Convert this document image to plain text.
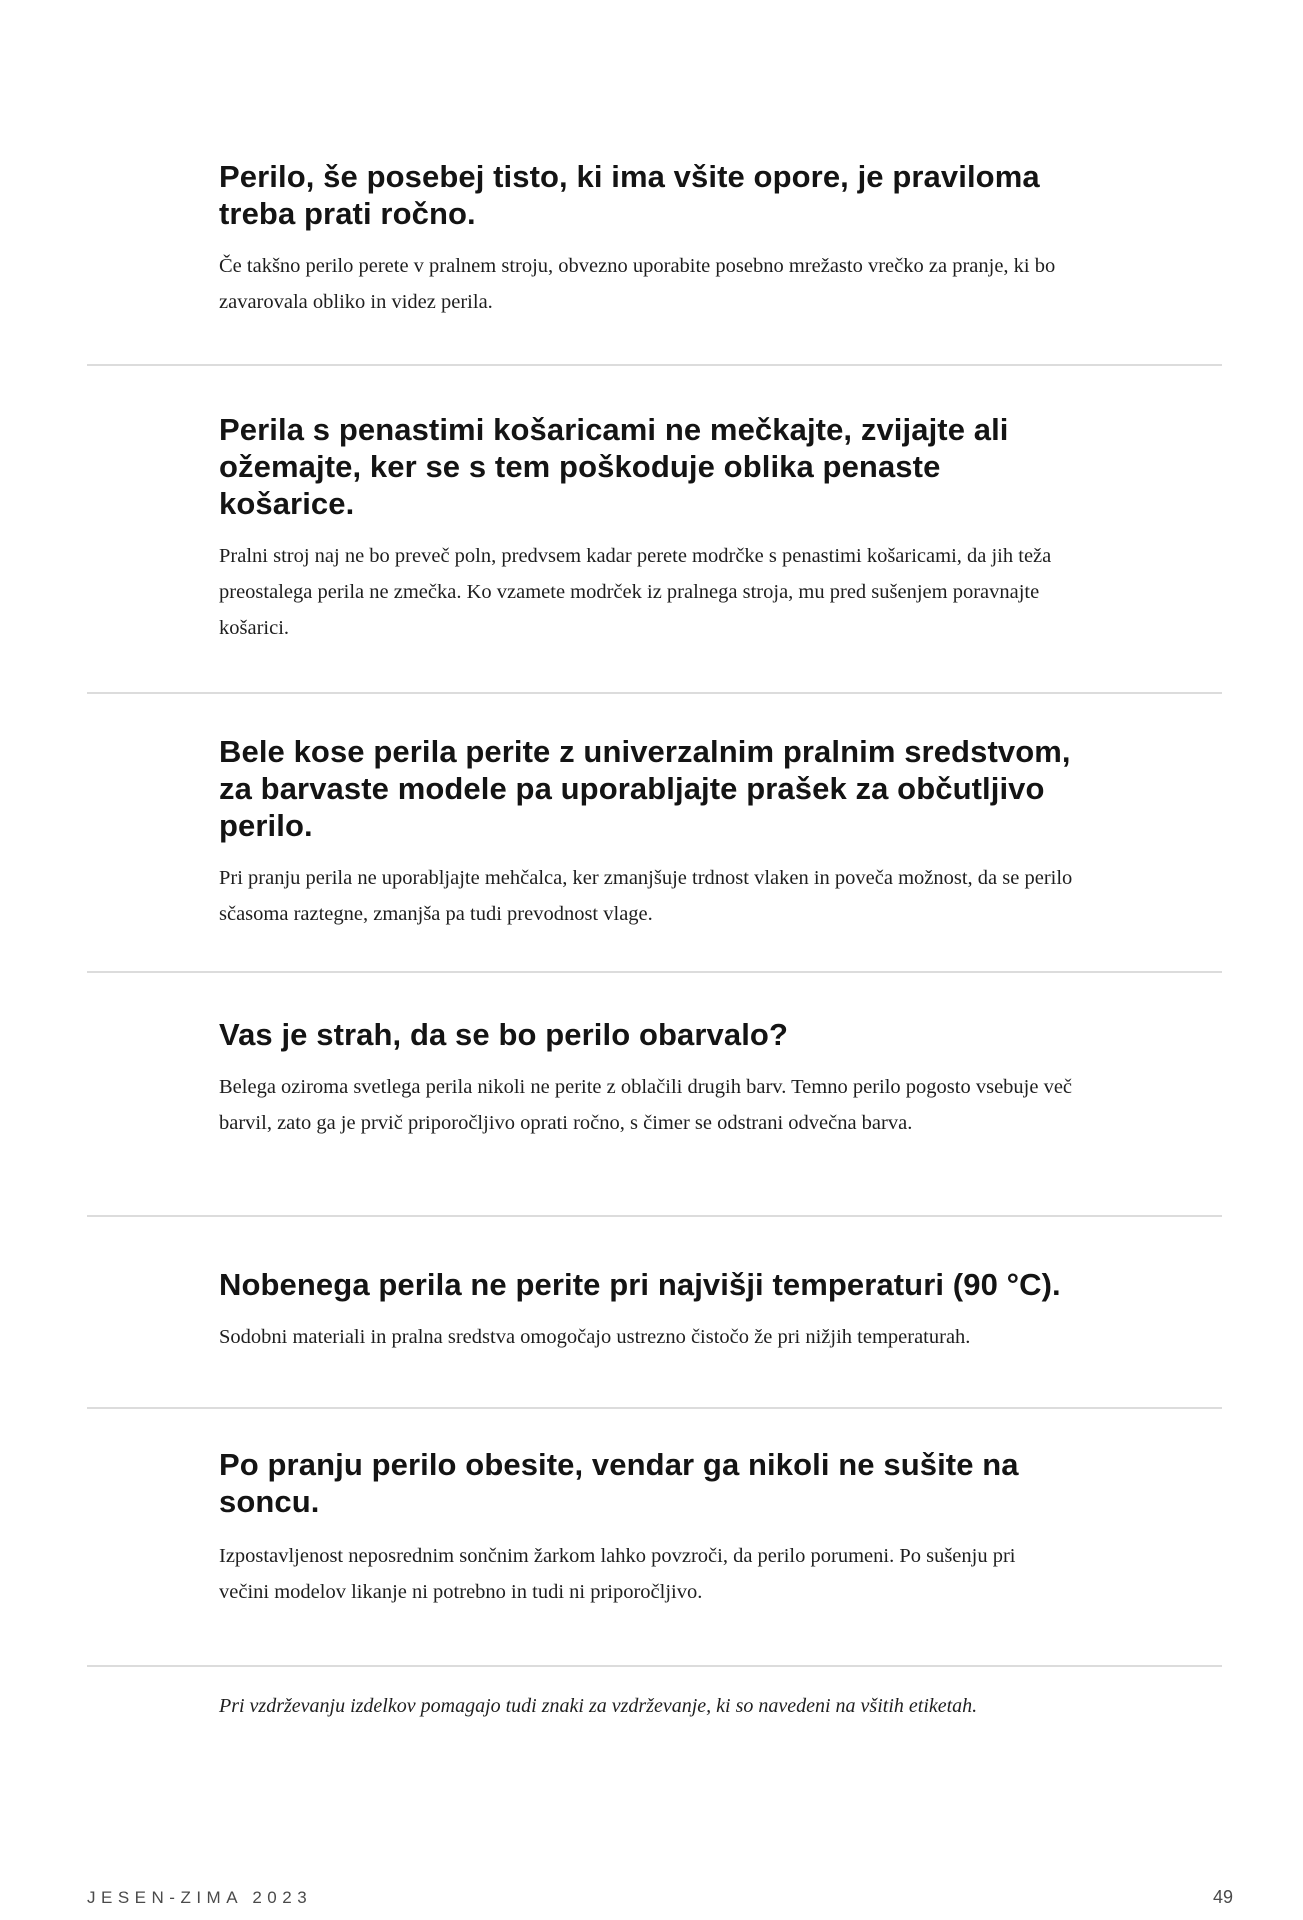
Perilo, še posebej tisto, ki ima všite opore, je praviloma treba prati ročno.

Če takšno perilo perete v pralnem stroju, obvezno uporabite posebno mrežasto vrečko za pranje, ki bo zavarovala obliko in videz perila.

Perila s penastimi košaricami ne mečkajte, zvijajte ali ožemajte, ker se s tem poškoduje oblika penaste košarice.

Pralni stroj naj ne bo preveč poln, predvsem kadar perete modrčke s penastimi košaricami, da jih teža preostalega perila ne zmečka. Ko vzamete modrček iz pralnega stroja, mu pred sušenjem poravnajte košarici.

Bele kose perila perite z univerzalnim pralnim sredstvom, za barvaste modele pa uporabljajte prašek za občutljivo perilo.

Pri pranju perila ne uporabljajte mehčalca, ker zmanjšuje trdnost vlaken in poveča možnost, da se perilo sčasoma raztegne, zmanjša pa tudi prevodnost vlage.

Vas je strah, da se bo perilo obarvalo?

Belega oziroma svetlega perila nikoli ne perite z oblačili drugih barv. Temno perilo pogosto vsebuje več barvil, zato ga je prvič priporočljivo oprati ročno, s čimer se odstrani odvečna barva.

Nobenega perila ne perite pri najvišji temperaturi (90 °C).

Sodobni materiali in pralna sredstva omogočajo ustrezno čistočo že pri nižjih temperaturah.

Po pranju perilo obesite, vendar ga nikoli ne sušite na soncu.

Izpostavljenost neposrednim sončnim žarkom lahko povzroči, da perilo porumeni. Po sušenju pri večini modelov likanje ni potrebno in tudi ni priporočljivo.

Pri vzdrževanju izdelkov pomagajo tudi znaki za vzdrževanje, ki so navedeni na všitih etiketah.

JESEN-ZIMA 2023	49
